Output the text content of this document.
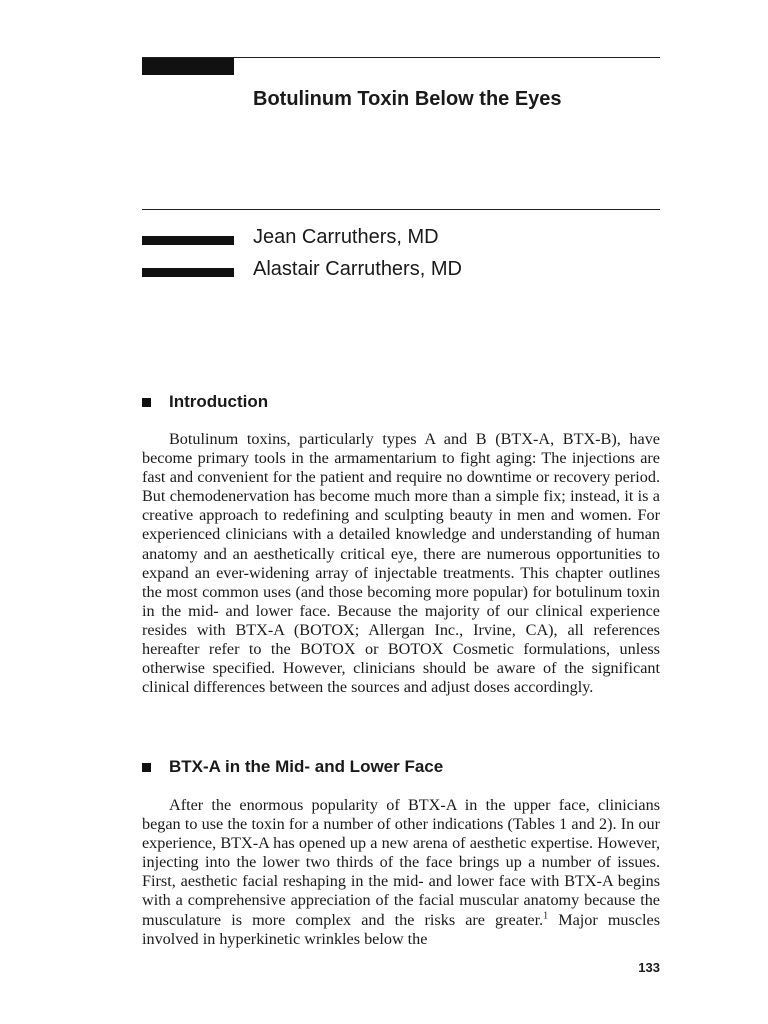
Botulinum Toxin Below the Eyes
Jean Carruthers, MD
Alastair Carruthers, MD
Introduction

Botulinum toxins, particularly types A and B (BTX-A, BTX-B), have become primary tools in the armamentarium to fight aging: The injections are fast and convenient for the patient and require no downtime or recovery period. But chemodenervation has become much more than a simple fix; instead, it is a creative approach to redefining and sculpting beauty in men and women. For experienced clinicians with a detailed knowledge and understanding of human anatomy and an aesthetically critical eye, there are numerous opportunities to expand an ever-widening array of injectable treatments. This chapter outlines the most common uses (and those becoming more popular) for botulinum toxin in the mid- and lower face. Because the majority of our clinical experience resides with BTX-A (BOTOX; Allergan Inc., Irvine, CA), all references hereafter refer to the BOTOX or BOTOX Cosmetic formulations, unless otherwise specified. However, clinicians should be aware of the significant clinical differences between the sources and adjust doses accordingly.

BTX-A in the Mid- and Lower Face

After the enormous popularity of BTX-A in the upper face, clinicians began to use the toxin for a number of other indications (Tables 1 and 2). In our experience, BTX-A has opened up a new arena of aesthetic expertise. However, injecting into the lower two thirds of the face brings up a number of issues. First, aesthetic facial reshaping in the mid- and lower face with BTX-A begins with a comprehensive appreciation of the facial muscular anatomy because the musculature is more complex and the risks are greater.$^1$ Major muscles involved in hyperkinetic wrinkles below the

133
